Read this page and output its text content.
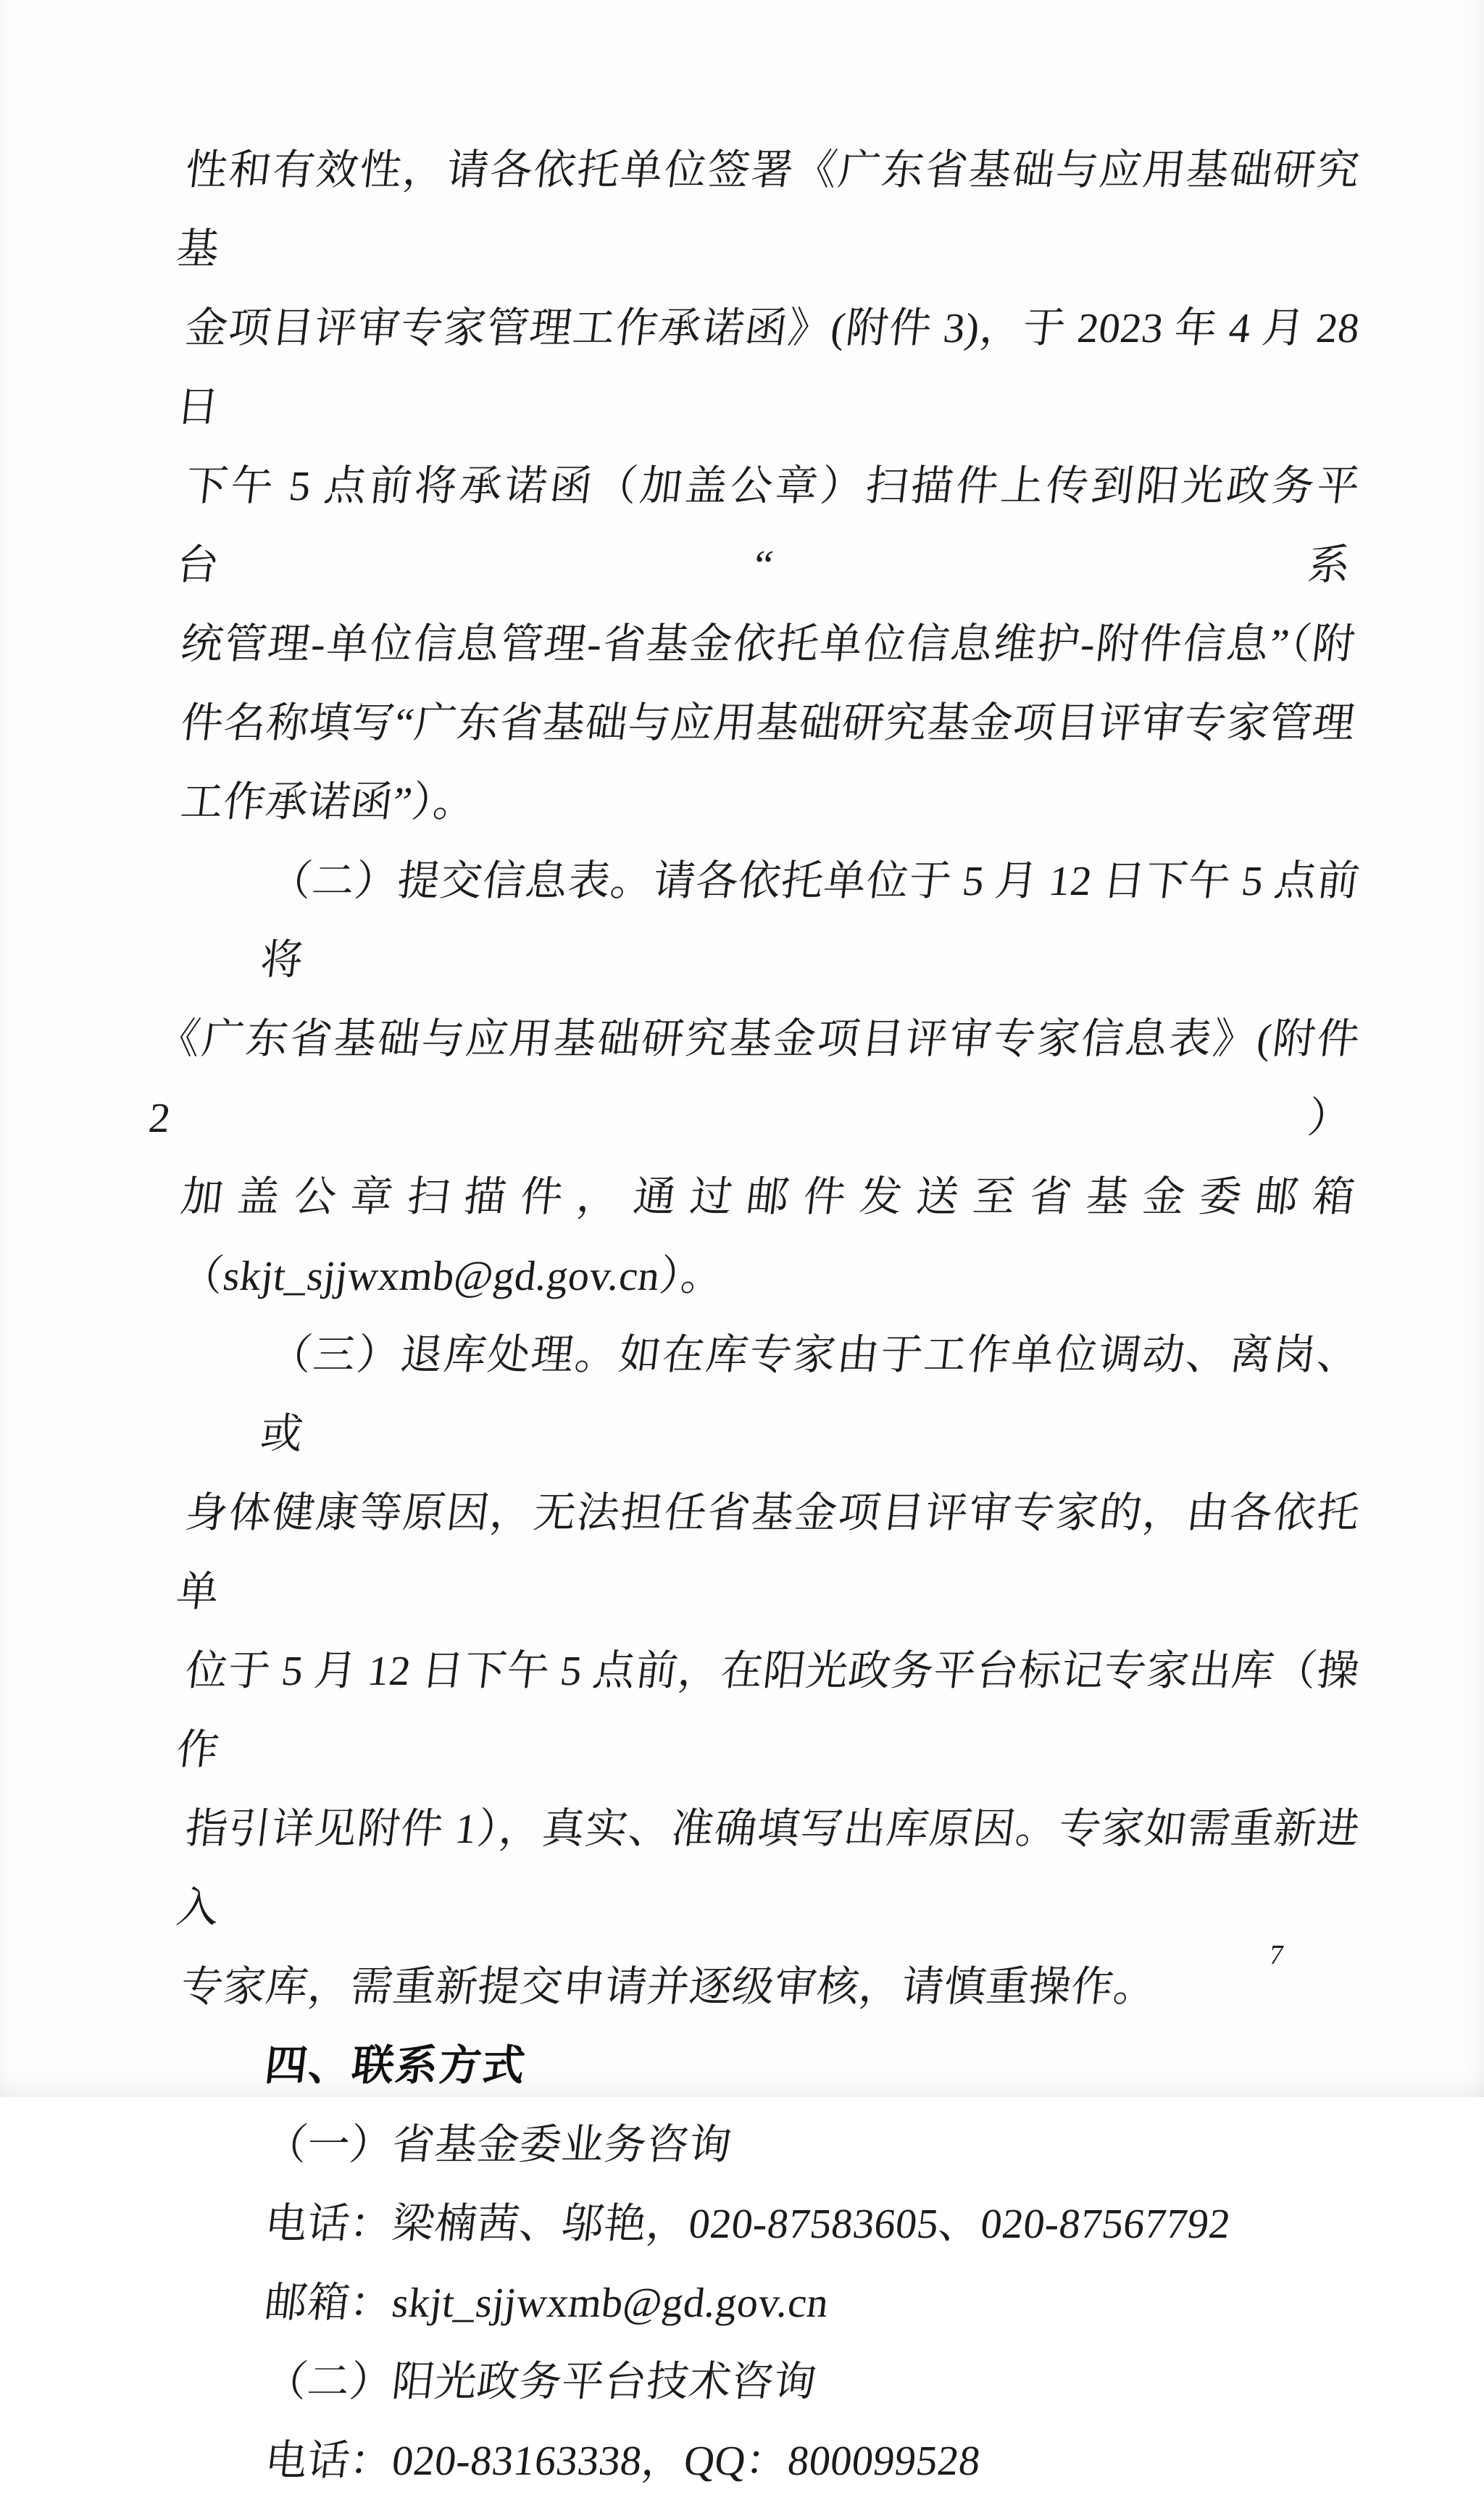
性和有效性，请各依托单位签署《广东省基础与应用基础研究基
金项目评审专家管理工作承诺函》(附件 3)，于 2023 年 4 月 28 日
下午 5 点前将承诺函（加盖公章）扫描件上传到阳光政务平台“系
统管理-单位信息管理-省基金依托单位信息维护-附件信息”（附
件名称填写“广东省基础与应用基础研究基金项目评审专家管理
工作承诺函”）。
（二）提交信息表。请各依托单位于 5 月 12 日下午 5 点前将
《广东省基础与应用基础研究基金项目评审专家信息表》(附件 2）
加盖公章扫描件，通过邮件发送至省基金委邮箱
（skjt_sjjwxmb@gd.gov.cn）。
（三）退库处理。如在库专家由于工作单位调动、离岗、或
身体健康等原因，无法担任省基金项目评审专家的，由各依托单
位于 5 月 12 日下午 5 点前，在阳光政务平台标记专家出库（操作
指引详见附件 1），真实、准确填写出库原因。专家如需重新进入
专家库，需重新提交申请并逐级审核，请慎重操作。
四、联系方式
（一）省基金委业务咨询
电话：梁楠茜、邬艳，020-87583605、020-87567792
邮箱：skjt_sjjwxmb@gd.gov.cn
（二）阳光政务平台技术咨询
电话：020-83163338，QQ：800099528
7
